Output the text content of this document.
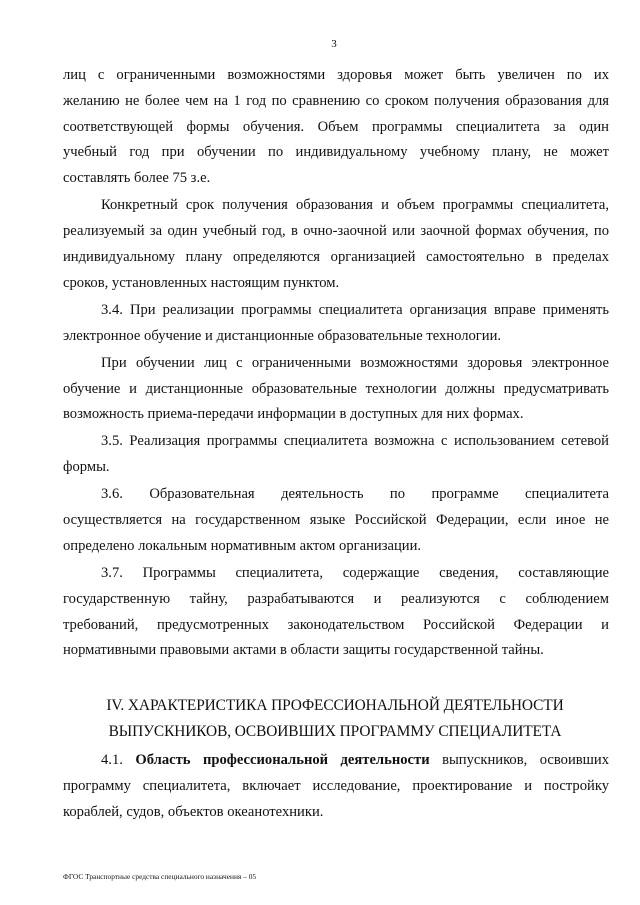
3
лиц с ограниченными возможностями здоровья может быть увеличен по их
желанию не более чем на 1 год по сравнению со сроком получения образования для
соответствующей формы обучения. Объем программы специалитета за один
учебный год при обучении по индивидуальному учебному плану, не может
составлять более 75 з.е.
Конкретный срок получения образования и объем программы специалитета,
реализуемый за один учебный год, в очно-заочной или заочной формах обучения, по
индивидуальному плану определяются организацией самостоятельно в пределах
сроков, установленных настоящим пунктом.
3.4. При реализации программы специалитета организация вправе применять
электронное обучение и дистанционные образовательные технологии.
При обучении лиц с ограниченными возможностями здоровья электронное
обучение и дистанционные образовательные технологии должны предусматривать
возможность приема-передачи информации в доступных для них формах.
3.5. Реализация программы специалитета возможна с использованием сетевой
формы.
3.6. Образовательная деятельность по программе специалитета
осуществляется на государственном языке Российской Федерации, если иное не
определено локальным нормативным актом организации.
3.7. Программы специалитета, содержащие сведения, составляющие
государственную тайну, разрабатываются и реализуются с соблюдением
требований, предусмотренных законодательством Российской Федерации и
нормативными правовыми актами в области защиты государственной тайны.
IV. ХАРАКТЕРИСТИКА ПРОФЕССИОНАЛЬНОЙ ДЕЯТЕЛЬНОСТИ
ВЫПУСКНИКОВ, ОСВОИВШИХ ПРОГРАММУ СПЕЦИАЛИТЕТА
4.1. Область профессиональной деятельности выпускников, освоивших
программу специалитета, включает исследование, проектирование и постройку
кораблей, судов, объектов океанотехники.
ФГОС Транспортные средства специального назначения – 05
